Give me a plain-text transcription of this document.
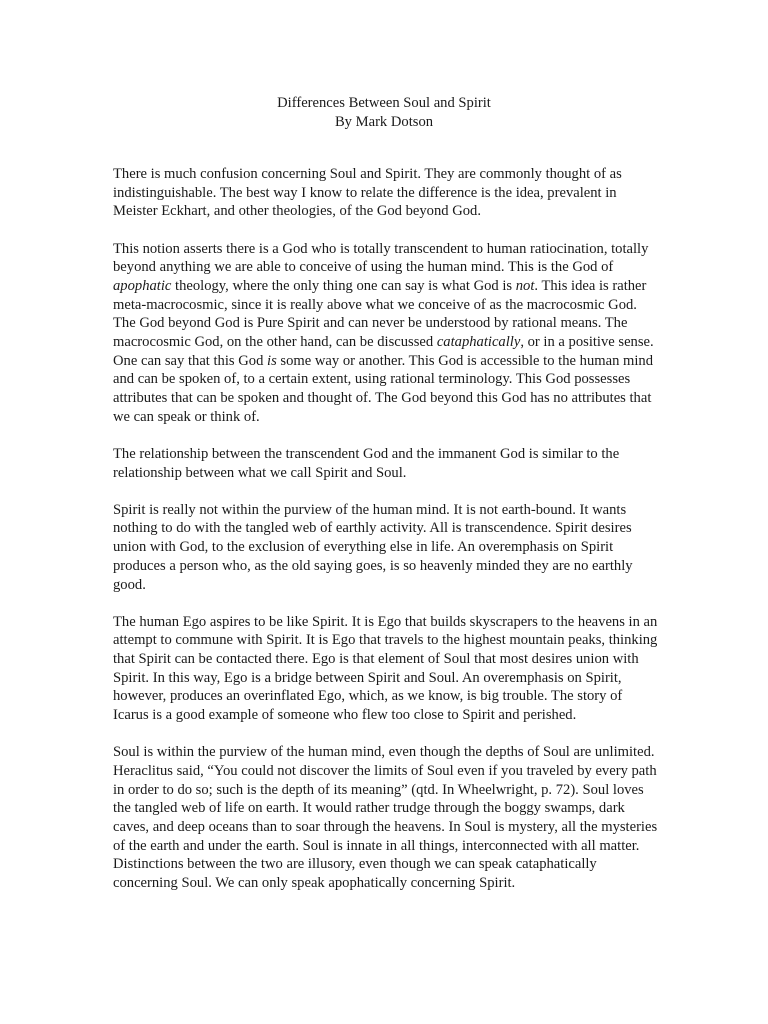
Differences Between Soul and Spirit
By Mark Dotson

There is much confusion concerning Soul and Spirit. They are commonly thought of as indistinguishable. The best way I know to relate the difference is the idea, prevalent in Meister Eckhart, and other theologies, of the God beyond God.

This notion asserts there is a God who is totally transcendent to human ratiocination, totally beyond anything we are able to conceive of using the human mind. This is the God of apophatic theology, where the only thing one can say is what God is not. This idea is rather meta-macrocosmic, since it is really above what we conceive of as the macrocosmic God. The God beyond God is Pure Spirit and can never be understood by rational means. The macrocosmic God, on the other hand, can be discussed cataphatically, or in a positive sense. One can say that this God is some way or another. This God is accessible to the human mind and can be spoken of, to a certain extent, using rational terminology. This God possesses attributes that can be spoken and thought of. The God beyond this God has no attributes that we can speak or think of.

The relationship between the transcendent God and the immanent God is similar to the relationship between what we call Spirit and Soul.

Spirit is really not within the purview of the human mind. It is not earth-bound. It wants nothing to do with the tangled web of earthly activity. All is transcendence. Spirit desires union with God, to the exclusion of everything else in life. An overemphasis on Spirit produces a person who, as the old saying goes, is so heavenly minded they are no earthly good.

The human Ego aspires to be like Spirit. It is Ego that builds skyscrapers to the heavens in an attempt to commune with Spirit. It is Ego that travels to the highest mountain peaks, thinking that Spirit can be contacted there. Ego is that element of Soul that most desires union with Spirit. In this way, Ego is a bridge between Spirit and Soul. An overemphasis on Spirit, however, produces an overinflated Ego, which, as we know, is big trouble. The story of Icarus is a good example of someone who flew too close to Spirit and perished.

Soul is within the purview of the human mind, even though the depths of Soul are unlimited. Heraclitus said, “You could not discover the limits of Soul even if you traveled by every path in order to do so; such is the depth of its meaning” (qtd. In Wheelwright, p. 72). Soul loves the tangled web of life on earth. It would rather trudge through the boggy swamps, dark caves, and deep oceans than to soar through the heavens. In Soul is mystery, all the mysteries of the earth and under the earth. Soul is innate in all things, interconnected with all matter. Distinctions between the two are illusory, even though we can speak cataphatically concerning Soul. We can only speak apophatically concerning Spirit.
